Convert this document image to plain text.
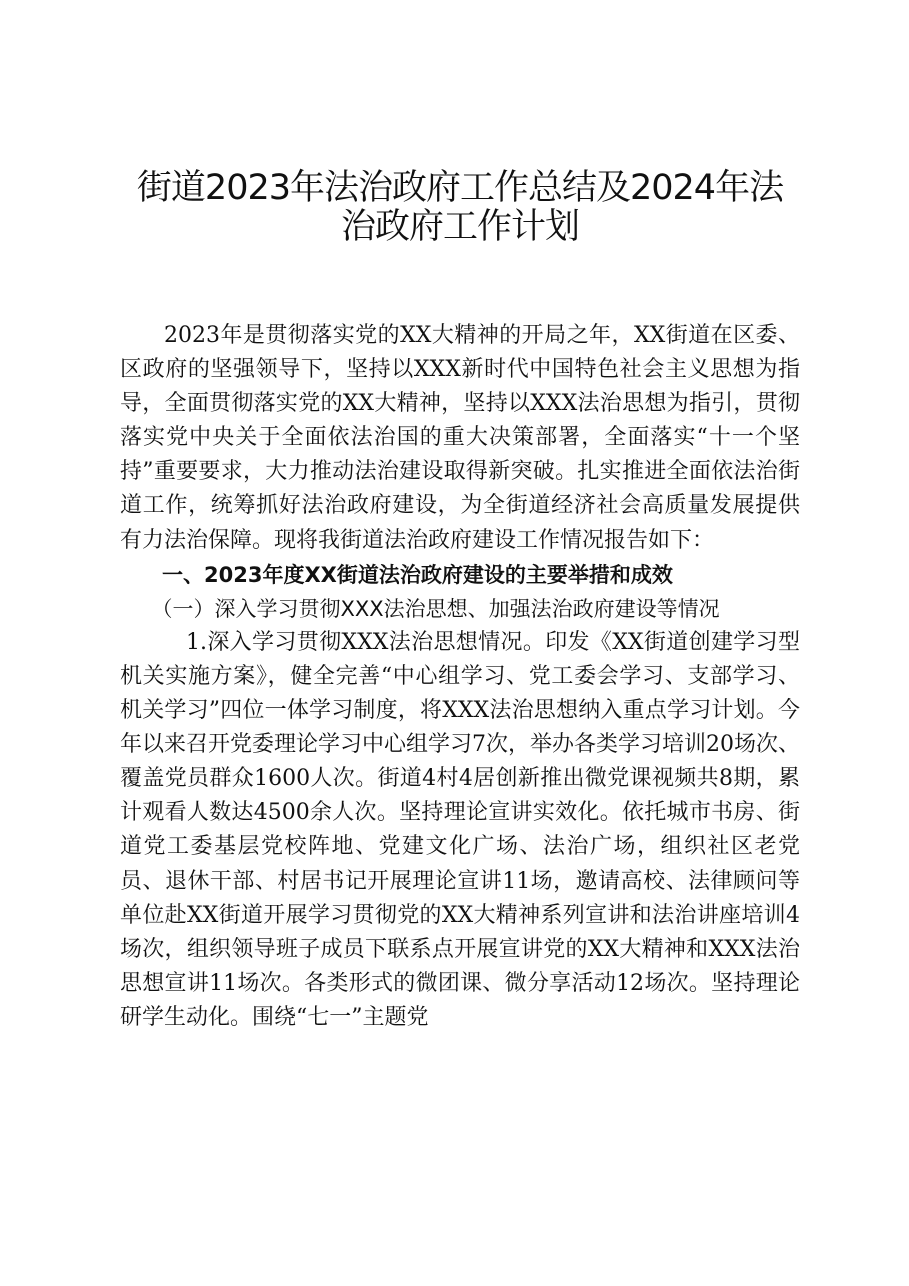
街道2023年法治政府工作总结及2024年法
治政府工作计划

2023年是贯彻落实党的XX大精神的开局之年，XX街道在区委、区政府的坚强领导下，坚持以XXX新时代中国特色社会主义思想为指导，全面贯彻落实党的XX大精神，坚持以XXX法治思想为指引，贯彻落实党中央关于全面依法治国的重大决策部署，全面落实“十一个坚持”重要要求，大力推动法治建设取得新突破。扎实推进全面依法治街道工作，统筹抓好法治政府建设，为全街道经济社会高质量发展提供有力法治保障。现将我街道法治政府建设工作情况报告如下：

一、2023年度XX街道法治政府建设的主要举措和成效

（一）深入学习贯彻XXX法治思想、加强法治政府建设等情况

1.深入学习贯彻XXX法治思想情况。印发《XX街道创建学习型机关实施方案》，健全完善“中心组学习、党工委会学习、支部学习、机关学习”四位一体学习制度，将XXX法治思想纳入重点学习计划。今年以来召开党委理论学习中心组学习7次，举办各类学习培训20场次、覆盖党员群众1600人次。街道4村4居创新推出微党课视频共8期，累计观看人数达4500余人次。坚持理论宣讲实效化。依托城市书房、街道党工委基层党校阵地、党建文化广场、法治广场，组织社区老党员、退休干部、村居书记开展理论宣讲11场，邀请高校、法律顾问等单位赴XX街道开展学习贯彻党的XX大精神系列宣讲和法治讲座培训4场次，组织领导班子成员下联系点开展宣讲党的XX大精神和XXX法治思想宣讲11场次。各类形式的微团课、微分享活动12场次。坚持理论研学生动化。围绕“七一”主题党
